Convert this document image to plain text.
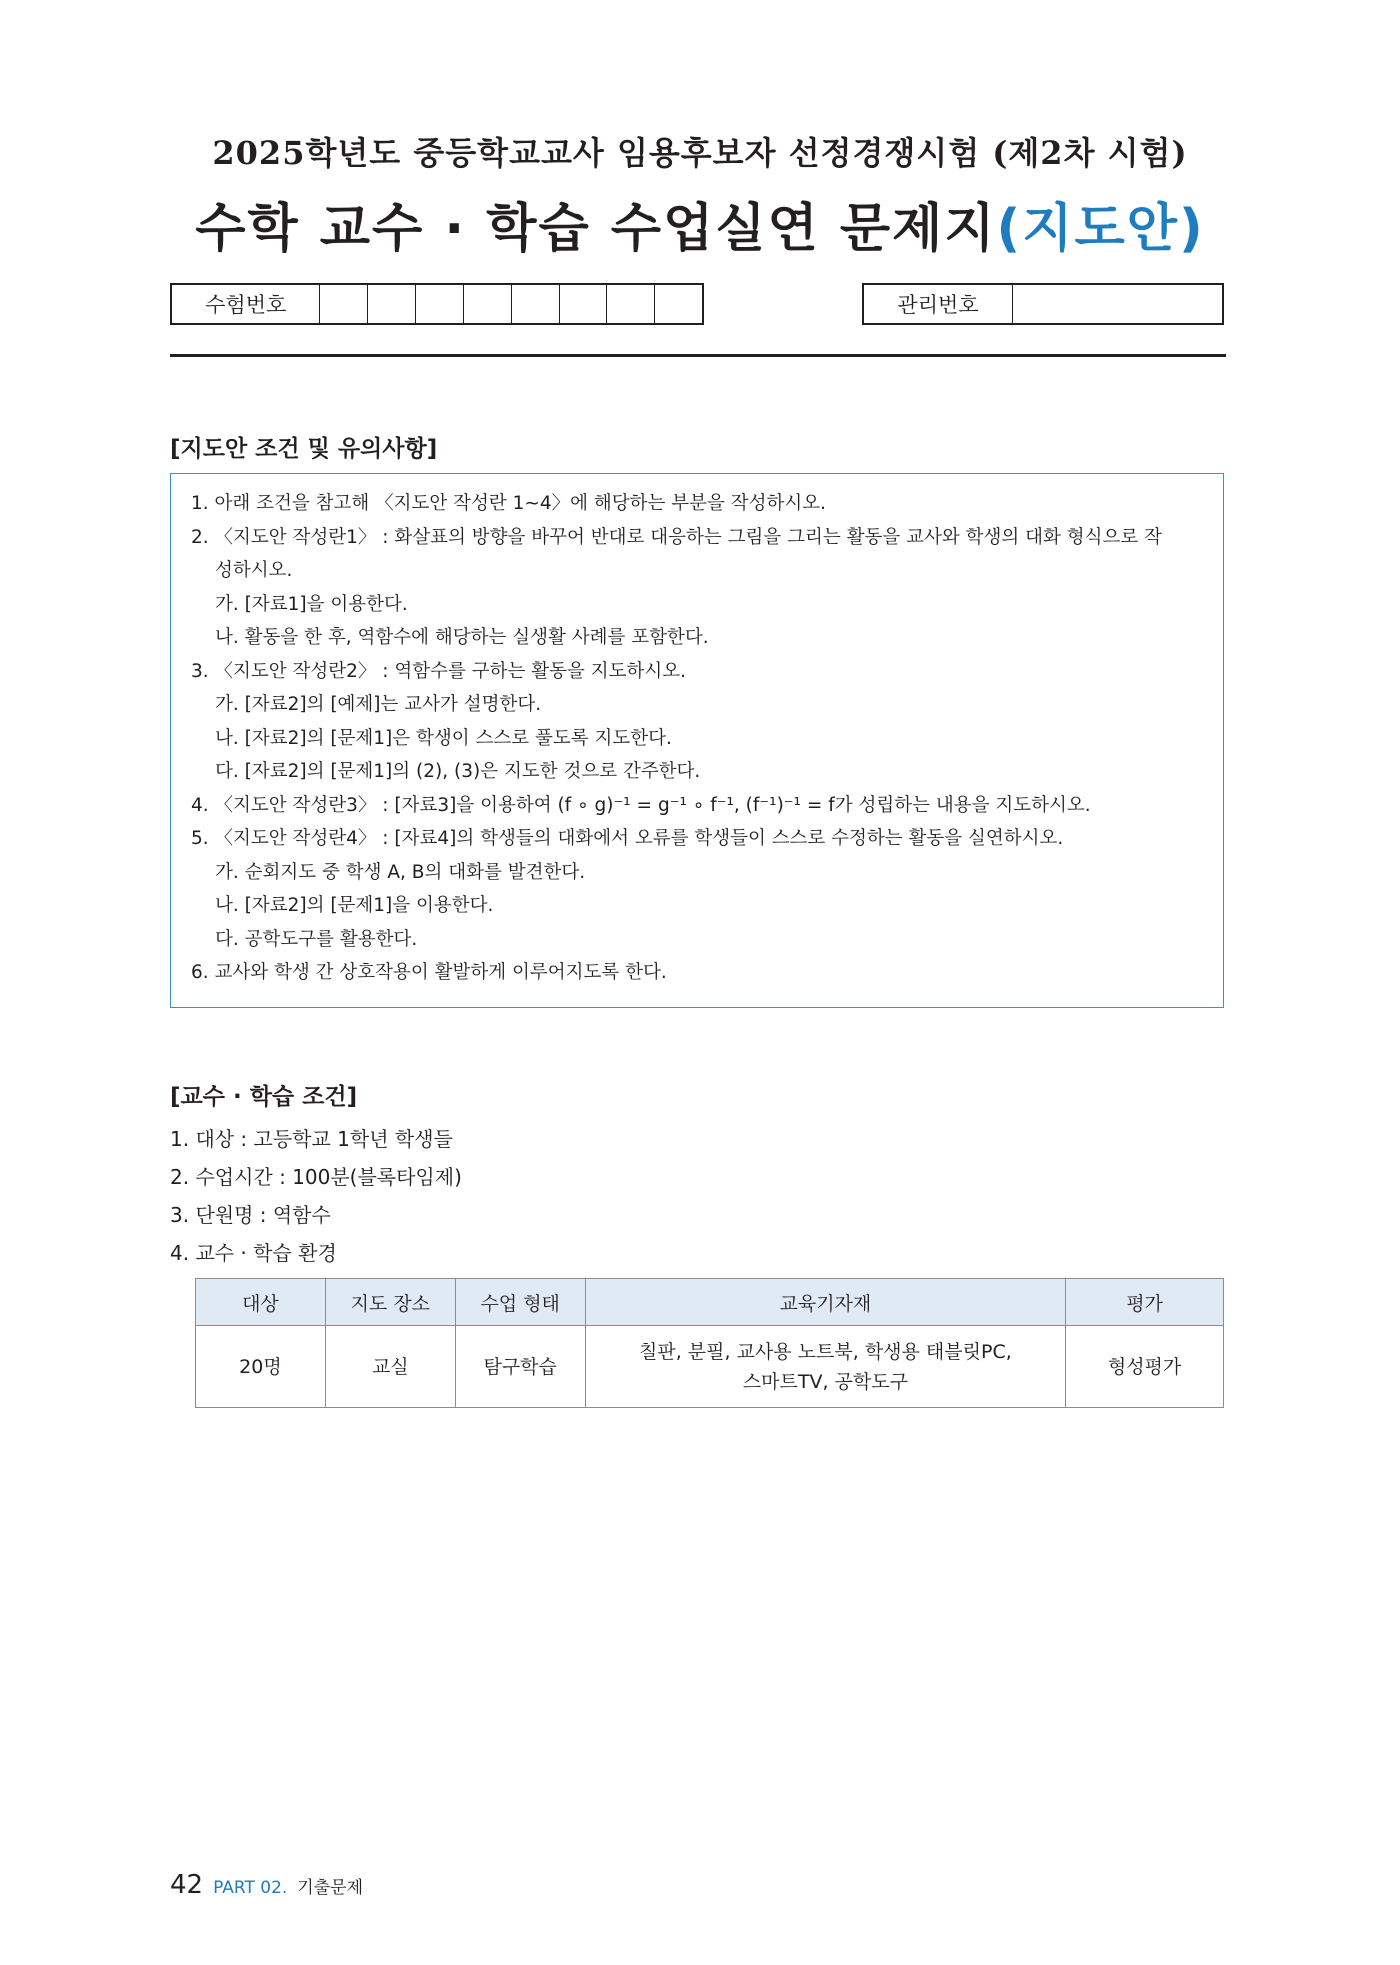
2025학년도 중등학교교사 임용후보자 선정경쟁시험 (제2차 시험)
수학 교수 · 학습 수업실연 문제지(지도안)
수험번호	관리번호
[지도안 조건 및 유의사항]
1. 아래 조건을 참고해 〈지도안 작성란 1∼4〉에 해당하는 부분을 작성하시오.
2. 〈지도안 작성란1〉 : 화살표의 방향을 바꾸어 반대로 대응하는 그림을 그리는 활동을 교사와 학생의 대화 형식으로 작
성하시오.
가. [자료1]을 이용한다.
나. 활동을 한 후, 역함수에 해당하는 실생활 사례를 포함한다.
3. 〈지도안 작성란2〉 : 역함수를 구하는 활동을 지도하시오.
가. [자료2]의 [예제]는 교사가 설명한다.
나. [자료2]의 [문제1]은 학생이 스스로 풀도록 지도한다.
다. [자료2]의 [문제1]의 (2), (3)은 지도한 것으로 간주한다.
4. 〈지도안 작성란3〉 : [자료3]을 이용하여 (f ∘ g)⁻¹ = g⁻¹ ∘ f⁻¹, (f⁻¹)⁻¹ = f가 성립하는 내용을 지도하시오.
5. 〈지도안 작성란4〉 : [자료4]의 학생들의 대화에서 오류를 학생들이 스스로 수정하는 활동을 실연하시오.
가. 순회지도 중 학생 A, B의 대화를 발견한다.
나. [자료2]의 [문제1]을 이용한다.
다. 공학도구를 활용한다.
6. 교사와 학생 간 상호작용이 활발하게 이루어지도록 한다.
[교수 · 학습 조건]
1. 대상 : 고등학교 1학년 학생들
2. 수업시간 : 100분(블록타임제)
3. 단원명 : 역함수
4. 교수 · 학습 환경
대상	지도 장소	수업 형태	교육기자재	평가
20명	교실	탐구학습	칠판, 분필, 교사용 노트북, 학생용 태블릿PC,
스마트TV, 공학도구	형성평가
42 PART 02. 기출문제
